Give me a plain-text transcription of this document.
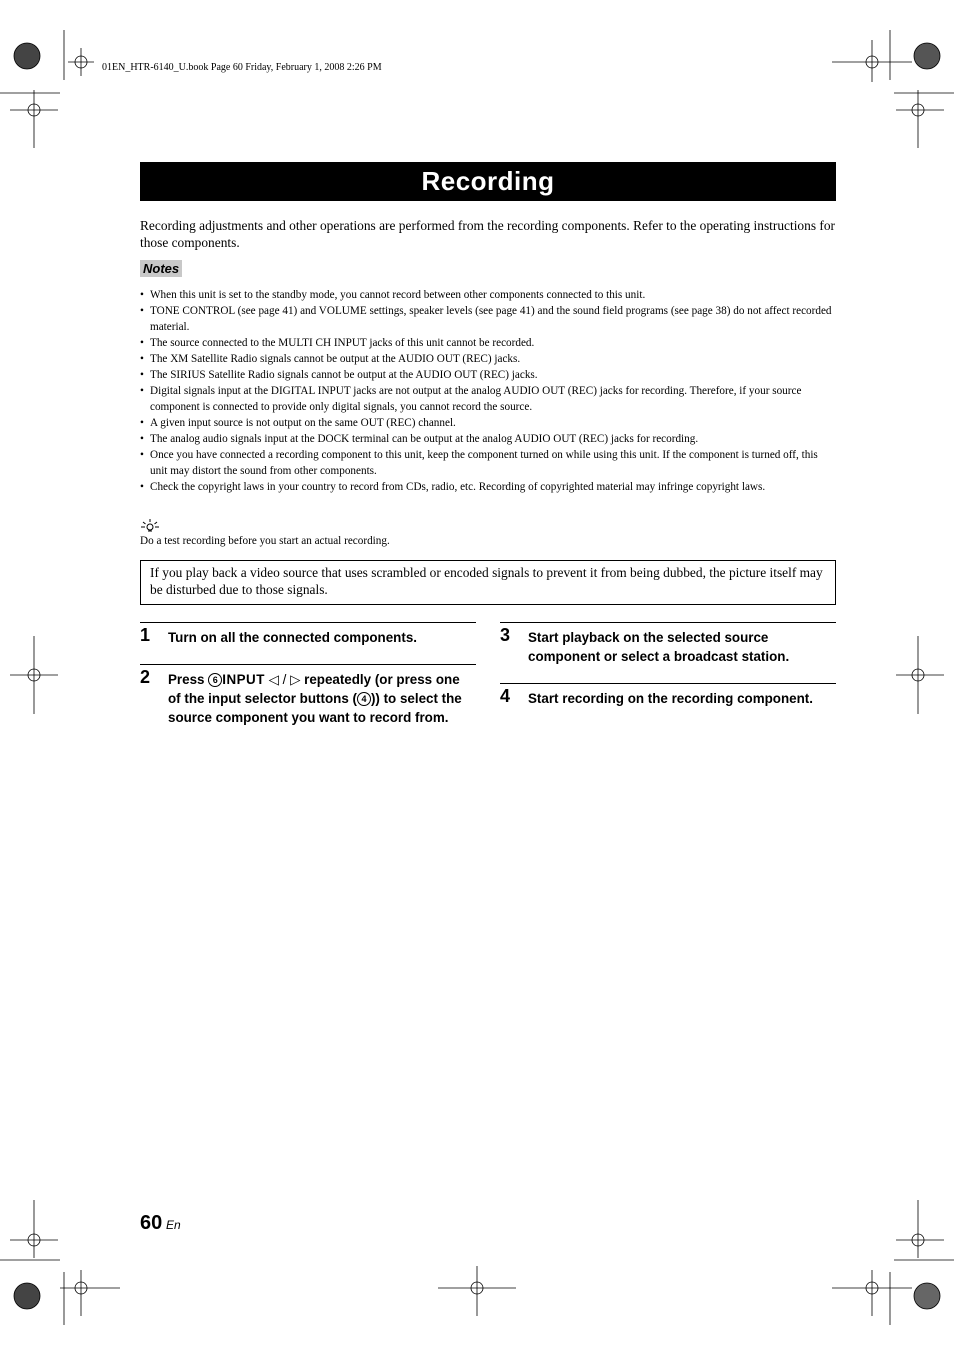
01EN_HTR-6140_U.book Page 60 Friday, February 1, 2008 2:26 PM
Recording
Recording adjustments and other operations are performed from the recording components. Refer to the operating instructions for those components.
Notes
• When this unit is set to the standby mode, you cannot record between other components connected to this unit.
• TONE CONTROL (see page 41) and VOLUME settings, speaker levels (see page 41) and the sound field programs (see page 38) do not affect recorded material.
• The source connected to the MULTI CH INPUT jacks of this unit cannot be recorded.
• The XM Satellite Radio signals cannot be output at the AUDIO OUT (REC) jacks.
• The SIRIUS Satellite Radio signals cannot be output at the AUDIO OUT (REC) jacks.
• Digital signals input at the DIGITAL INPUT jacks are not output at the analog AUDIO OUT (REC) jacks for recording. Therefore, if your source component is connected to provide only digital signals, you cannot record the source.
• A given input source is not output on the same OUT (REC) channel.
• The analog audio signals input at the DOCK terminal can be output at the analog AUDIO OUT (REC) jacks for recording.
• Once you have connected a recording component to this unit, keep the component turned on while using this unit. If the component is turned off, this unit may distort the sound from other components.
• Check the copyright laws in your country to record from CDs, radio, etc. Recording of copyrighted material may infringe copyright laws.
Do a test recording before you start an actual recording.
If you play back a video source that uses scrambled or encoded signals to prevent it from being dubbed, the picture itself may be disturbed due to those signals.
1 Turn on all the connected components.
2 Press 6 INPUT ◁ / ▷ repeatedly (or press one of the input selector buttons ( 4 )) to select the source component you want to record from.
3 Start playback on the selected source component or select a broadcast station.
4 Start recording on the recording component.
60 En
